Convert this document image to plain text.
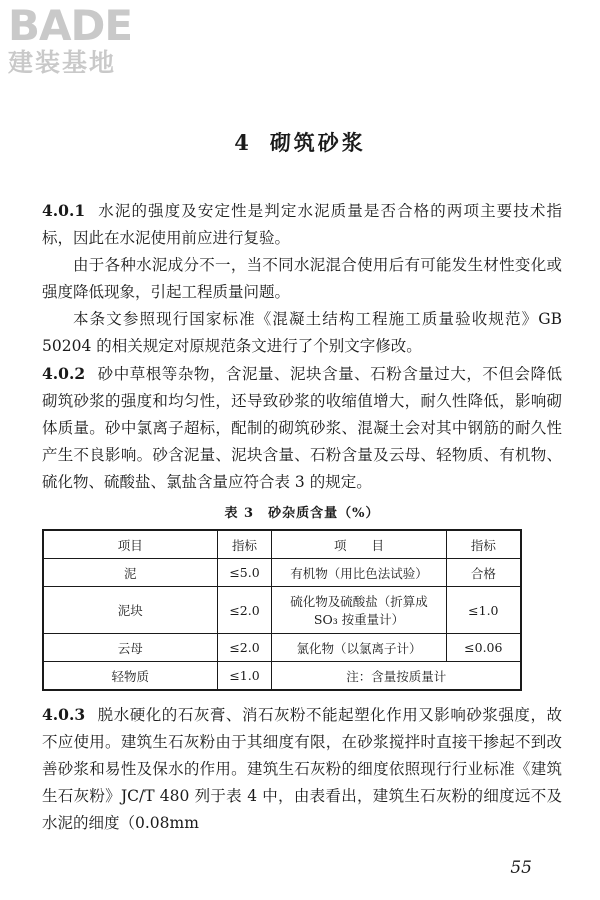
BADE
建装基地
4 砌筑砂浆

4.0.1 水泥的强度及安定性是判定水泥质量是否合格的两项主要技术指标，因此在水泥使用前应进行复验。

由于各种水泥成分不一，当不同水泥混合使用后有可能发生材性变化或强度降低现象，引起工程质量问题。

本条文参照现行国家标准《混凝土结构工程施工质量验收规范》GB 50204 的相关规定对原规范条文进行了个别文字修改。

4.0.2 砂中草根等杂物，含泥量、泥块含量、石粉含量过大，不但会降低砌筑砂浆的强度和均匀性，还导致砂浆的收缩值增大，耐久性降低，影响砌体质量。砂中氯离子超标，配制的砌筑砂浆、混凝土会对其中钢筋的耐久性产生不良影响。砂含泥量、泥块含量、石粉含量及云母、轻物质、有机物、硫化物、硫酸盐、氯盐含量应符合表 3 的规定。

表 3　砂杂质含量（%）
项目	指标	项　　目	指标
泥	≤5.0	有机物（用比色法试验）	合格
泥块	≤2.0	硫化物及硫酸盐（折算成 SO₃ 按重量计）	≤1.0
云母	≤2.0	氯化物（以氯离子计）	≤0.06
轻物质	≤1.0	注：含量按质量计	

4.0.3 脱水硬化的石灰膏、消石灰粉不能起塑化作用又影响砂浆强度，故不应使用。建筑生石灰粉由于其细度有限，在砂浆搅拌时直接干掺起不到改善砂浆和易性及保水的作用。建筑生石灰粉的细度依照现行行业标准《建筑生石灰粉》JC/T 480 列于表 4 中，由表看出，建筑生石灰粉的细度远不及水泥的细度（0.08mm

55
